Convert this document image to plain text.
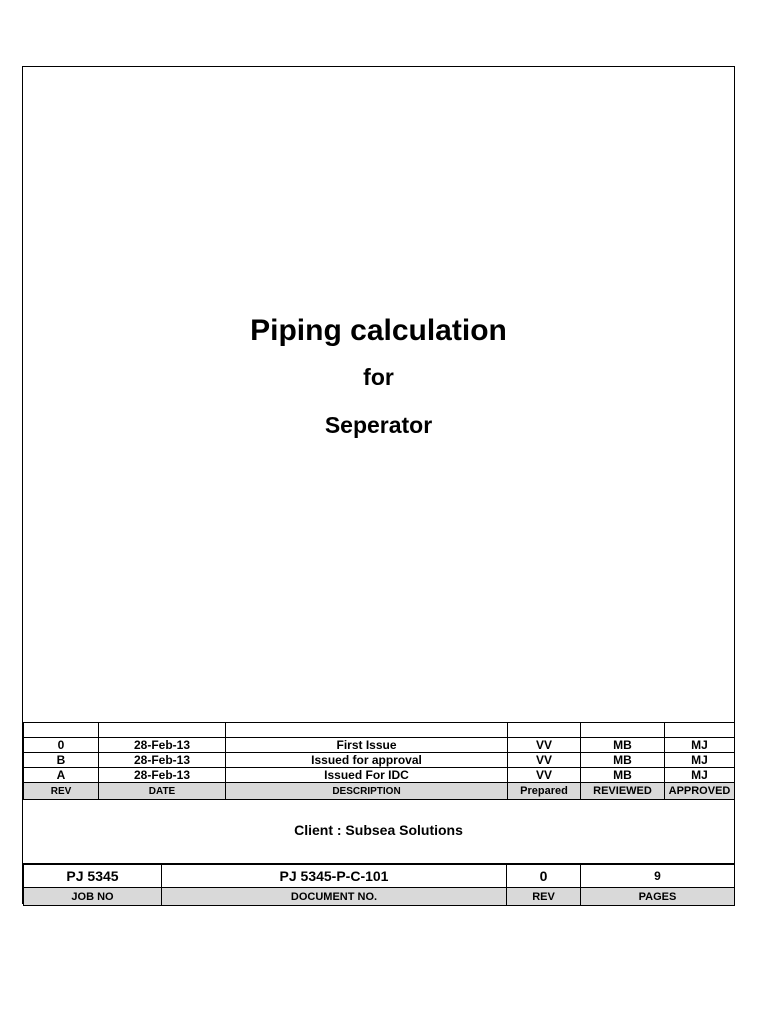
Piping calculation
for
Seperator

0	28-Feb-13	First Issue	VV	MB	MJ
B	28-Feb-13	Issued for approval	VV	MB	MJ
A	28-Feb-13	Issued For IDC	VV	MB	MJ
REV	DATE	DESCRIPTION	Prepared	REVIEWED	APPROVED
Client : Subsea Solutions
PJ 5345	PJ 5345-P-C-101	0	9
JOB NO	DOCUMENT NO.	REV	PAGES
